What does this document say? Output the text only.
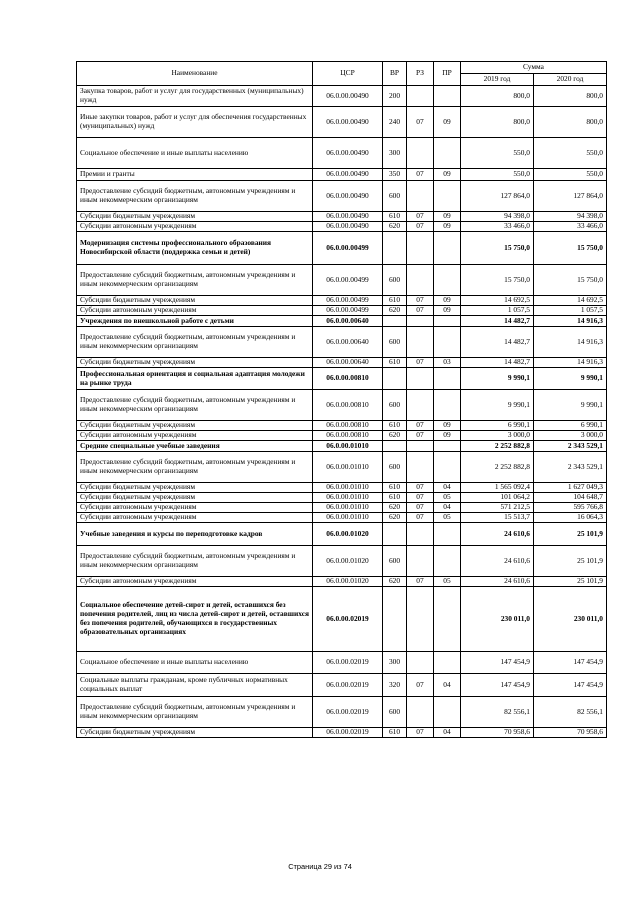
Наименование	ЦСР	ВР	РЗ	ПР	Сумма	
					2019 год	2020 год
Закупка товаров, работ и услуг для государственных (муниципальных) нужд	06.0.00.00490	200			800,0	800,0
Иные закупки товаров, работ и услуг для обеспечения государственных (муниципальных) нужд	06.0.00.00490	240	07	09	800,0	800,0
Социальное обеспечение и иные выплаты населению	06.0.00.00490	300			550,0	550,0
Премии и гранты	06.0.00.00490	350	07	09	550,0	550,0
Предоставление субсидий бюджетным, автономным учреждениям и иным некоммерческим организациям	06.0.00.00490	600			127 864,0	127 864,0
Субсидии бюджетным учреждениям	06.0.00.00490	610	07	09	94 398,0	94 398,0
Субсидии автономным учреждениям	06.0.00.00490	620	07	09	33 466,0	33 466,0
Модернизация системы профессионального образования Новосибирской области (поддержка семьи и детей)	06.0.00.00499				15 750,0	15 750,0
Предоставление субсидий бюджетным, автономным учреждениям и иным некоммерческим организациям	06.0.00.00499	600			15 750,0	15 750,0
Субсидии бюджетным учреждениям	06.0.00.00499	610	07	09	14 692,5	14 692,5
Субсидии автономным учреждениям	06.0.00.00499	620	07	09	1 057,5	1 057,5
Учреждения по внешкольной работе с детьми	06.0.00.00640				14 482,7	14 916,3
Предоставление субсидий бюджетным, автономным учреждениям и иным некоммерческим организациям	06.0.00.00640	600			14 482,7	14 916,3
Субсидии бюджетным учреждениям	06.0.00.00640	610	07	03	14 482,7	14 916,3
Профессиональная ориентация и социальная адаптация молодежи на рынке труда	06.0.00.00810				9 990,1	9 990,1
Предоставление субсидий бюджетным, автономным учреждениям и иным некоммерческим организациям	06.0.00.00810	600			9 990,1	9 990,1
Субсидии бюджетным учреждениям	06.0.00.00810	610	07	09	6 990,1	6 990,1
Субсидии автономным учреждениям	06.0.00.00810	620	07	09	3 000,0	3 000,0
Средние специальные учебные заведения	06.0.00.01010				2 252 882,8	2 343 529,1
Предоставление субсидий бюджетным, автономным учреждениям и иным некоммерческим организациям	06.0.00.01010	600			2 252 882,8	2 343 529,1
Субсидии бюджетным учреждениям	06.0.00.01010	610	07	04	1 565 092,4	1 627 049,3
Субсидии бюджетным учреждениям	06.0.00.01010	610	07	05	101 064,2	104 648,7
Субсидии автономным учреждениям	06.0.00.01010	620	07	04	571 212,5	595 766,8
Субсидии автономным учреждениям	06.0.00.01010	620	07	05	15 513,7	16 064,3
Учебные заведения и курсы по переподготовке кадров	06.0.00.01020				24 610,6	25 101,9
Предоставление субсидий бюджетным, автономным учреждениям и иным некоммерческим организациям	06.0.00.01020	600			24 610,6	25 101,9
Субсидии автономным учреждениям	06.0.00.01020	620	07	05	24 610,6	25 101,9
Социальное обеспечение детей-сирот и детей, оставшихся без попечения родителей, лиц из числа детей-сирот и детей, оставшихся без попечения родителей, обучающихся в государственных образовательных организациях	06.0.00.02019				230 011,0	230 011,0
Социальное обеспечение и иные выплаты населению	06.0.00.02019	300			147 454,9	147 454,9
Социальные выплаты гражданам, кроме публичных нормативных социальных выплат	06.0.00.02019	320	07	04	147 454,9	147 454,9
Предоставление субсидий бюджетным, автономным учреждениям и иным некоммерческим организациям	06.0.00.02019	600			82 556,1	82 556,1
Субсидии бюджетным учреждениям	06.0.00.02019	610	07	04	70 958,6	70 958,6
Страница 29 из 74
